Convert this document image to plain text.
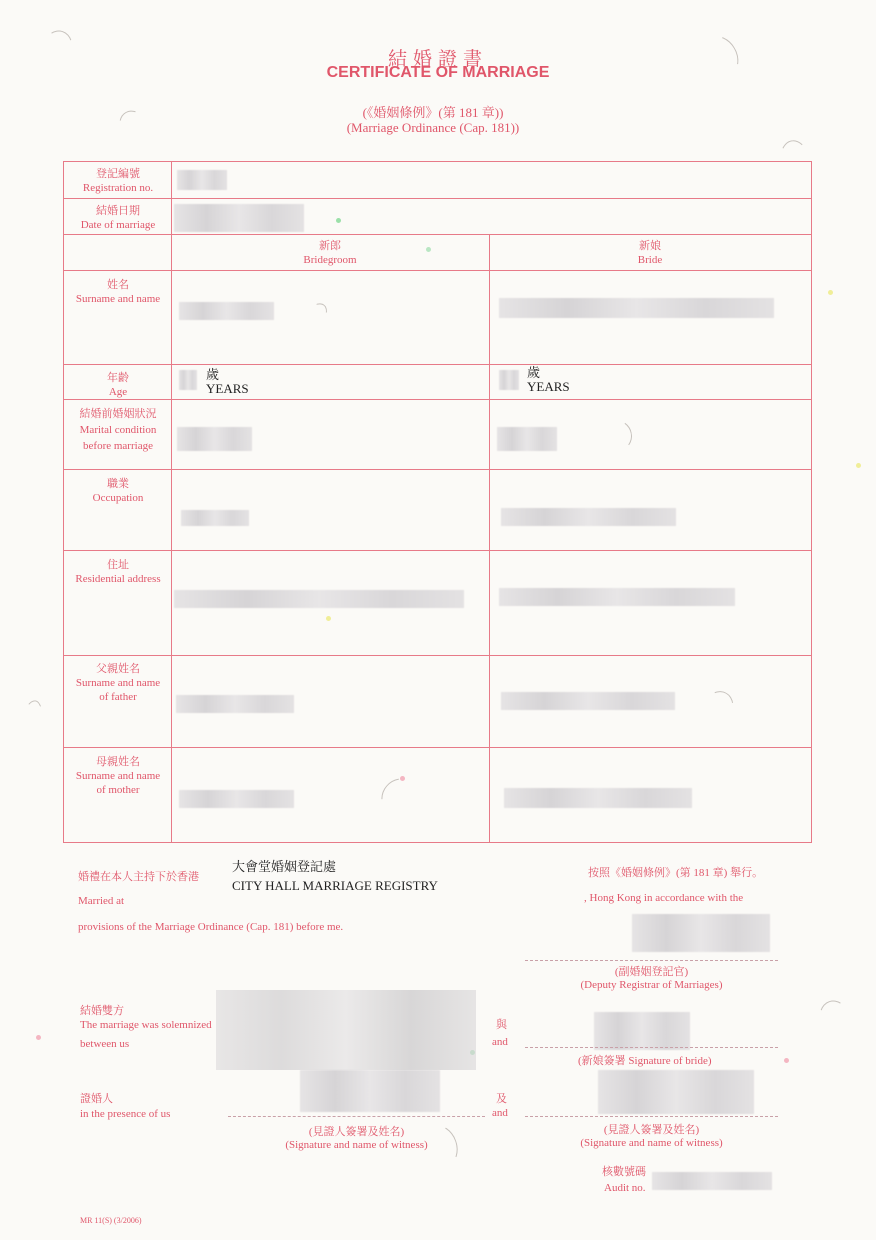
結婚證書
CERTIFICATE OF MARRIAGE
(《婚姻條例》(第 181 章))
(Marriage Ordinance (Cap. 181))
登記編號
Registration no.
結婚日期
Date of marriage
新郎
Bridegroom
新娘
Bride
姓名
Surname and name
年齡
Age
歲
YEARS
歲
YEARS
結婚前婚姻狀況
Marital condition
before marriage
職業
Occupation
住址
Residential address
父親姓名
Surname and name
of father
母親姓名
Surname and name
of mother
婚禮在本人主持下於香港
大會堂婚姻登記處
CITY HALL MARRIAGE REGISTRY
按照《婚姻條例》(第 181 章) 舉行。
Married at	, Hong Kong in accordance with the
provisions of the Marriage Ordinance (Cap. 181) before me.
(副婚姻登記官)
(Deputy Registrar of Marriages)
結婚雙方
The marriage was solemnized
between us
與
and
(新娘簽署 Signature of bride)
證婚人
in the presence of us
及
and
(見證人簽署及姓名)
(Signature and name of witness)
(見證人簽署及姓名)
(Signature and name of witness)
核數號碼
Audit no.
MR 11(S) (3/2006)
